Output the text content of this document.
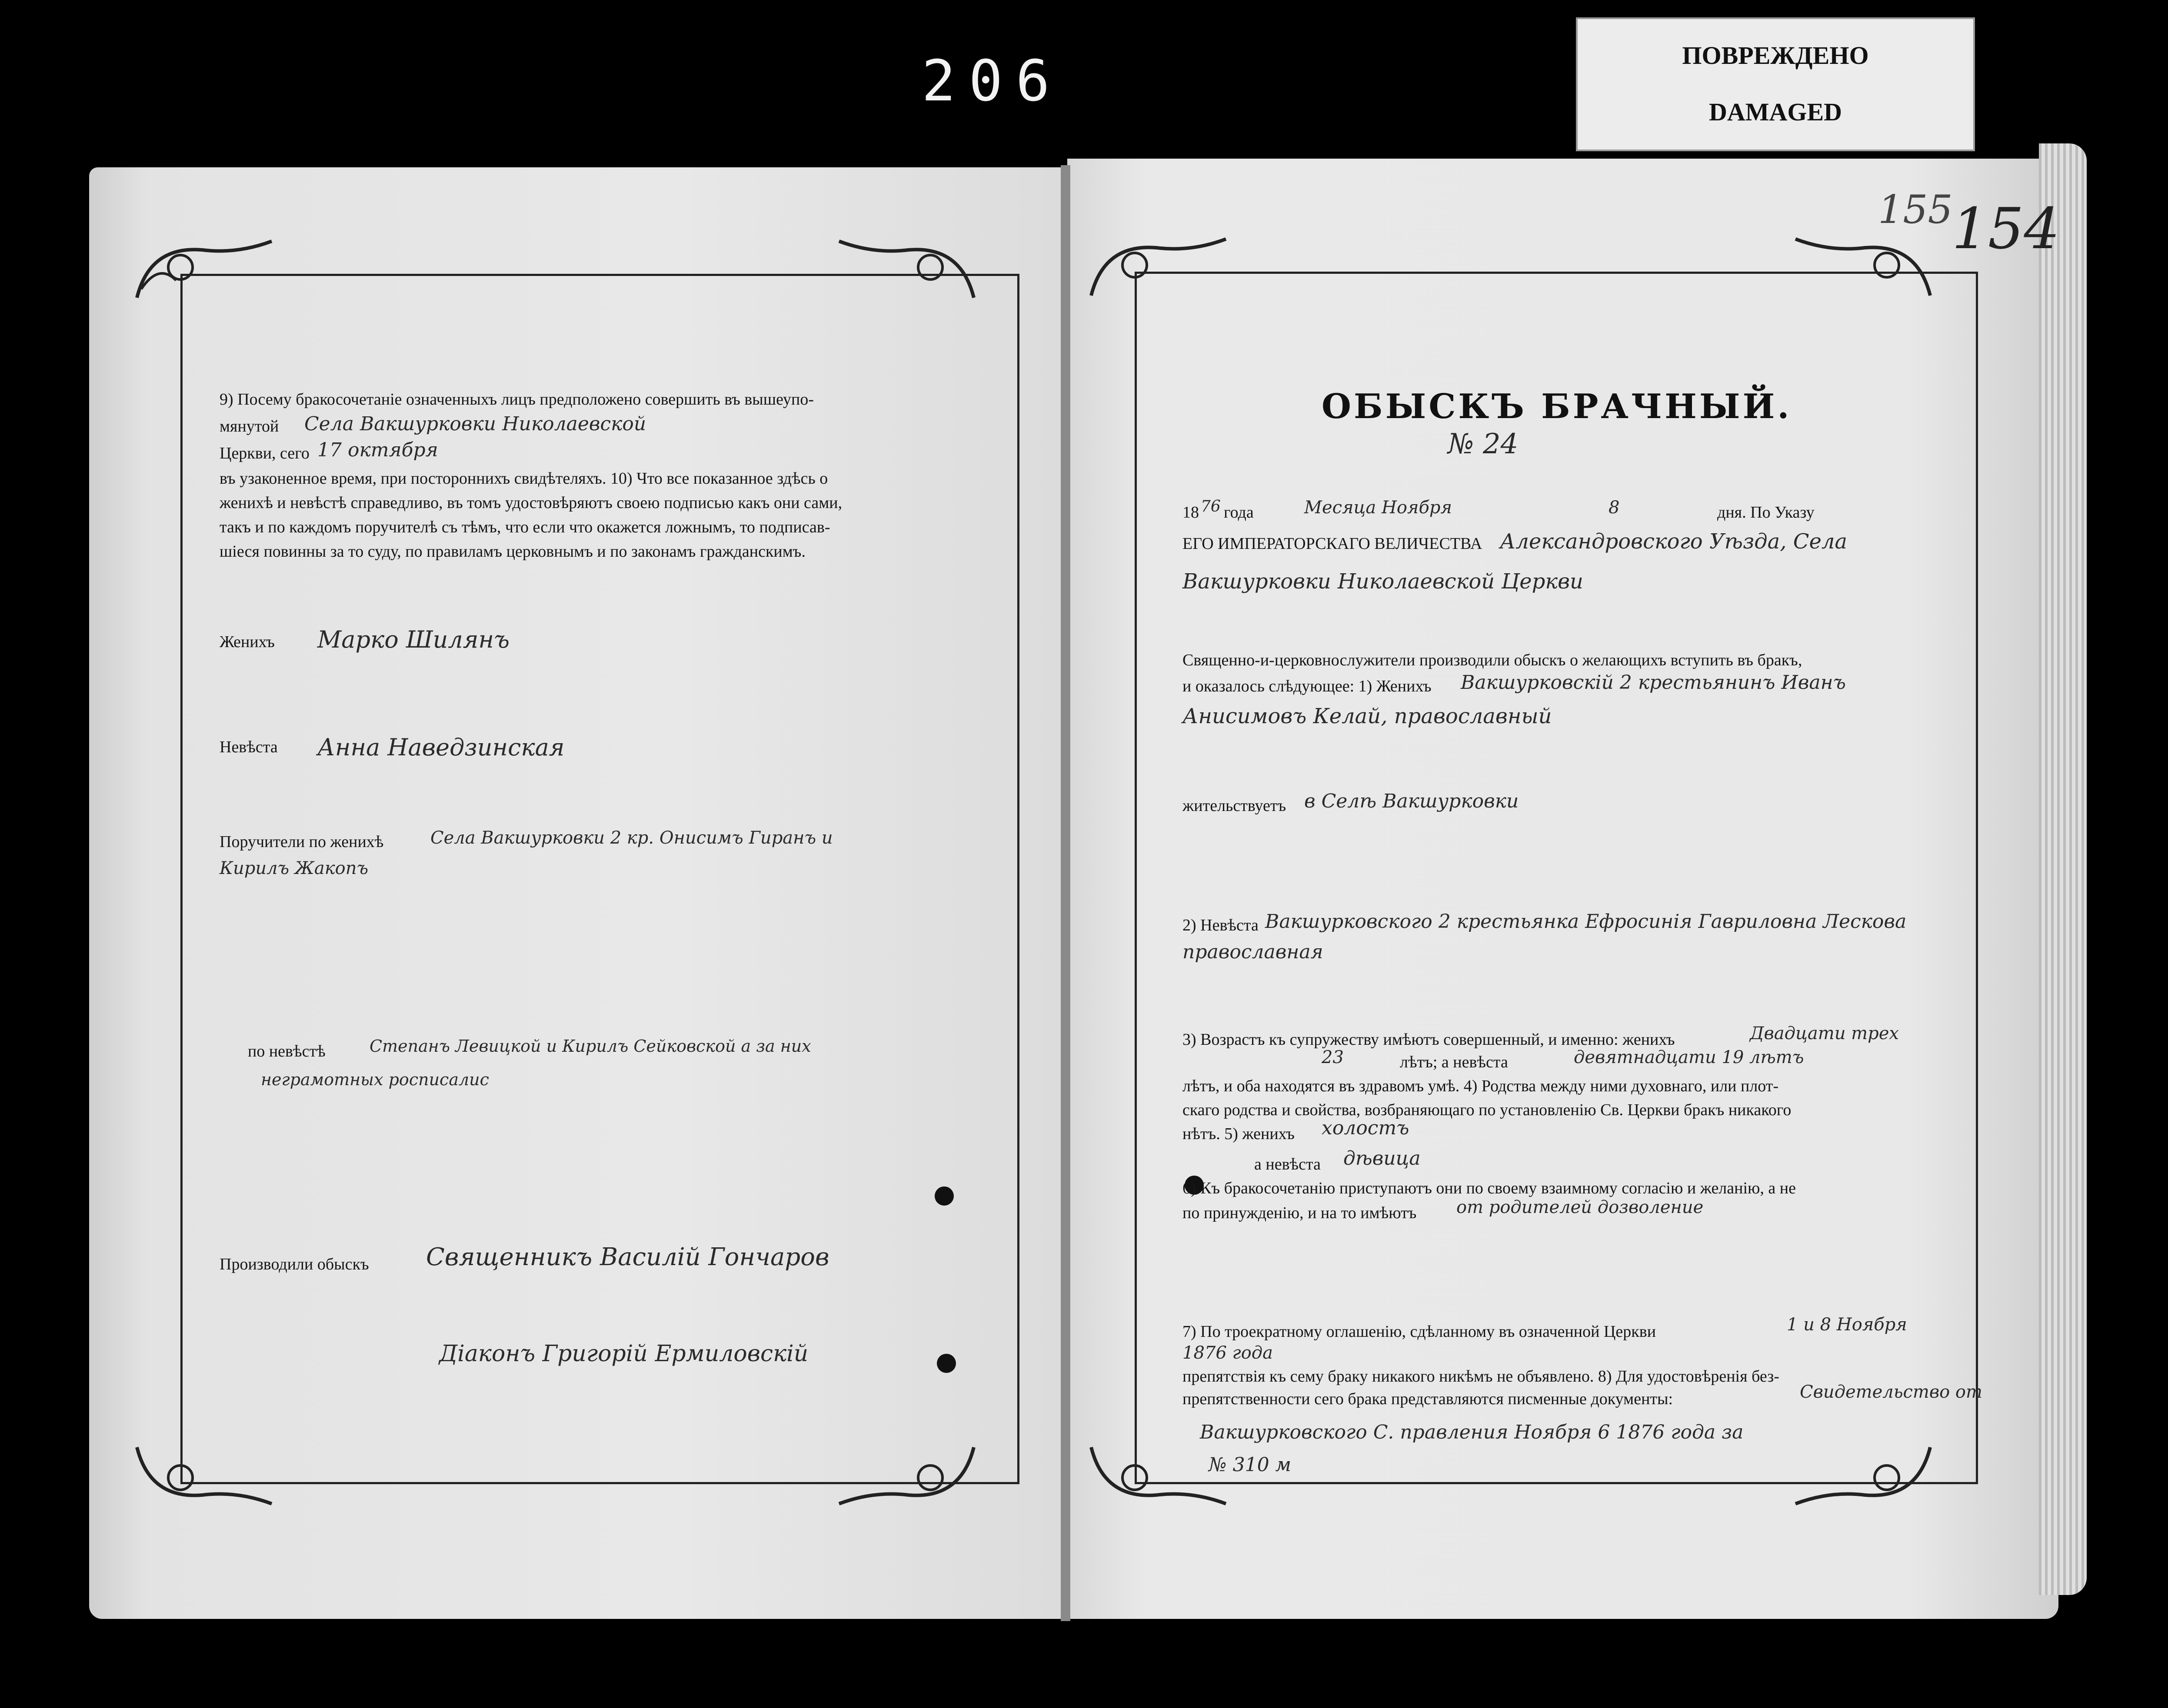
206	ПОВРЕЖДЕНО
DAMAGED
155
154
9) Посему бракосочетаніе означенныхъ лицъ предположено совершить въ вышеупо-
мянутой Села Вакшурковки Николаевской
Церкви, сего 17 октября
въ узаконенное время, при постороннихъ свидѣтеляхъ. 10) Что все показанное здѣсь о
женихѣ и невѣстѣ справедливо, въ томъ удостовѣряютъ своею подписью какъ они сами,
такъ и по каждомъ поручителѣ съ тѣмъ, что если что окажется ложнымъ, то подписав-
шіеся повинны за то суду, по правиламъ церковнымъ и по законамъ гражданскимъ.
Женихъ Марко Шилянъ
Невѣста Анна Наведзинская
Поручители по женихѣ	Села Вакшурковки 2 кр. Онисимъ Гиранъ и
Кирилъ Жакопъ
по невѣстѣ	Степанъ Левицкой и Кирилъ Сейковской а за них
неграмотных росписалис
Производили обыскъ Священникъ Василій Гончаров
Діаконъ Григорій Ермиловскій
ОБЫСКЪ БРАЧНЫЙ.
№ 24
18 76 года	Месяца Ноября	8	дня. По Указу
ЕГО ИМПЕРАТОРСКАГО ВЕЛИЧЕСТВА Александровского Уѣзда, Села
Вакшурковки Николаевской Церкви
Священно-и-церковнослужители производили обыскъ о желающихъ вступить въ бракъ,
и оказалось слѣдующее: 1) Женихъ Вакшурковскій 2 крестьянинъ Иванъ
Анисимовъ Келай, православный
жительствуетъ в Селѣ Вакшурковки
2) Невѣста Вакшурковского 2 крестьянка Ефросинія Гавриловна Лескова
православная
3) Возрастъ къ супружеству имѣютъ совершенный, и именно: женихъ	Двадцати трех
23	лѣтъ; а невѣста	девятнадцати 19 лѣтъ
лѣтъ, и оба находятся въ здравомъ умѣ. 4) Родства между ними духовнаго, или плот-
скаго родства и свойства, возбраняющаго по установленію Св. Церкви бракъ никакого
нѣтъ. 5) женихъ холостъ
а невѣста дѣвица
6) Къ бракосочетанію приступаютъ они по своему взаимному согласію и желанію, а не
по принужденію, и на то имѣютъ от родителей дозволение
7) По троекратному оглашенію, сдѣланному въ означенной Церкви	1 и 8 Ноября
1876 года
препятствія къ сему браку никакого никѣмъ не объявлено. 8) Для удостовѣренія без-
препятственности сего брака представляются писменные документы:	Свидетельство от
Вакшурковского С. правления Ноября 6 1876 года за
№ 310 м
